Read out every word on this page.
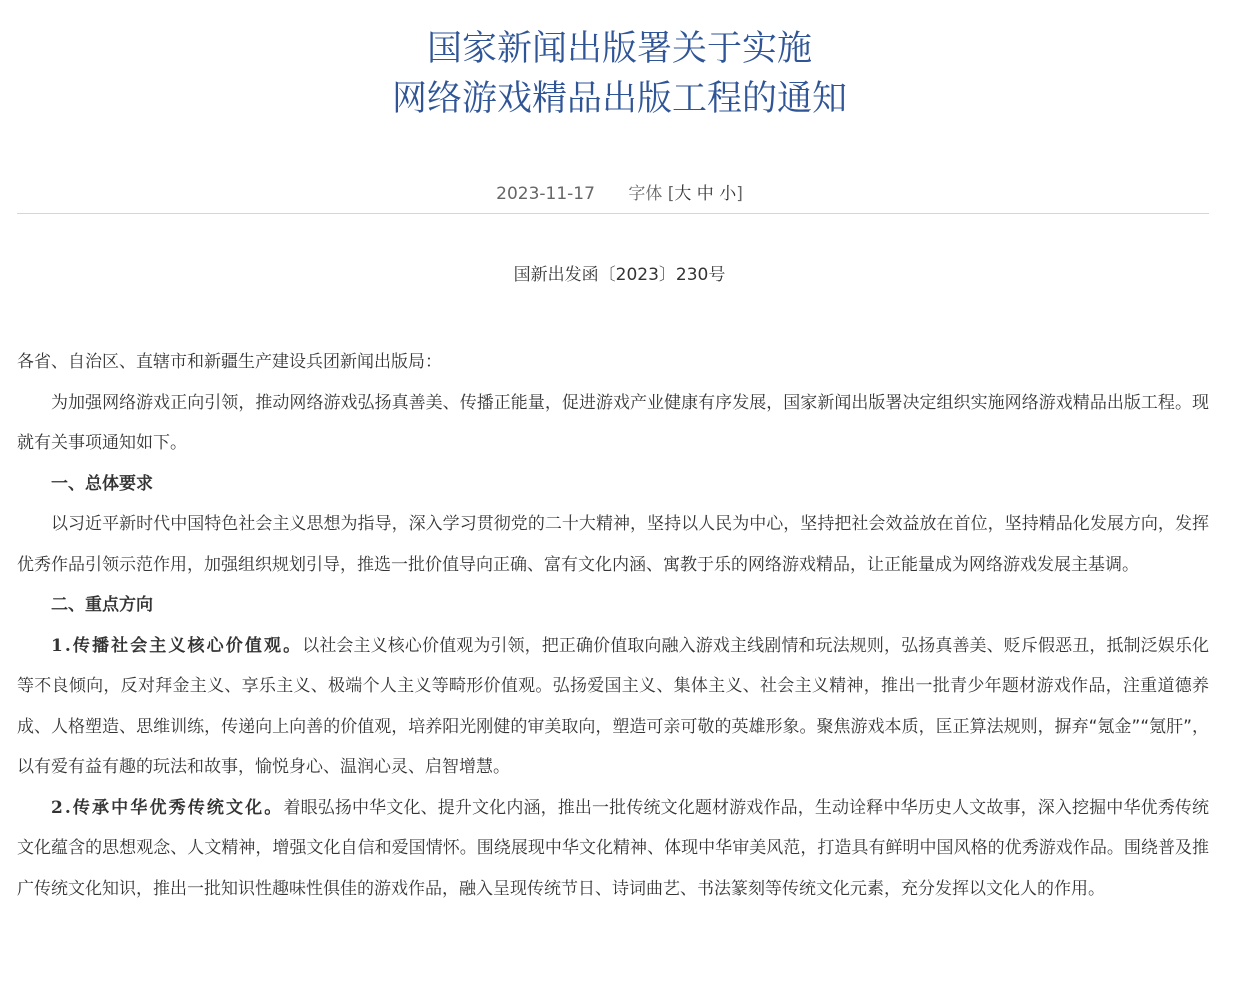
国家新闻出版署关于实施
网络游戏精品出版工程的通知
2023-11-17 字体 [大 中 小]
国新出发函〔2023〕230号

各省、自治区、直辖市和新疆生产建设兵团新闻出版局：

为加强网络游戏正向引领，推动网络游戏弘扬真善美、传播正能量，促进游戏产业健康有序发展，国家新闻出版署决定组织实施网络游戏精品出版工程。现就有关事项通知如下。

一、总体要求

以习近平新时代中国特色社会主义思想为指导，深入学习贯彻党的二十大精神，坚持以人民为中心，坚持把社会效益放在首位，坚持精品化发展方向，发挥优秀作品引领示范作用，加强组织规划引导，推选一批价值导向正确、富有文化内涵、寓教于乐的网络游戏精品，让正能量成为网络游戏发展主基调。

二、重点方向

1.传播社会主义核心价值观。以社会主义核心价值观为引领，把正确价值取向融入游戏主线剧情和玩法规则，弘扬真善美、贬斥假恶丑，抵制泛娱乐化等不良倾向，反对拜金主义、享乐主义、极端个人主义等畸形价值观。弘扬爱国主义、集体主义、社会主义精神，推出一批青少年题材游戏作品，注重道德养成、人格塑造、思维训练，传递向上向善的价值观，培养阳光刚健的审美取向，塑造可亲可敬的英雄形象。聚焦游戏本质，匡正算法规则，摒弃“氪金”“氪肝”，以有爱有益有趣的玩法和故事，愉悦身心、温润心灵、启智增慧。

2.传承中华优秀传统文化。着眼弘扬中华文化、提升文化内涵，推出一批传统文化题材游戏作品，生动诠释中华历史人文故事，深入挖掘中华优秀传统文化蕴含的思想观念、人文精神，增强文化自信和爱国情怀。围绕展现中华文化精神、体现中华审美风范，打造具有鲜明中国风格的优秀游戏作品。围绕普及推广传统文化知识，推出一批知识性趣味性俱佳的游戏作品，融入呈现传统节日、诗词曲艺、书法篆刻等传统文化元素，充分发挥以文化人的作用。
